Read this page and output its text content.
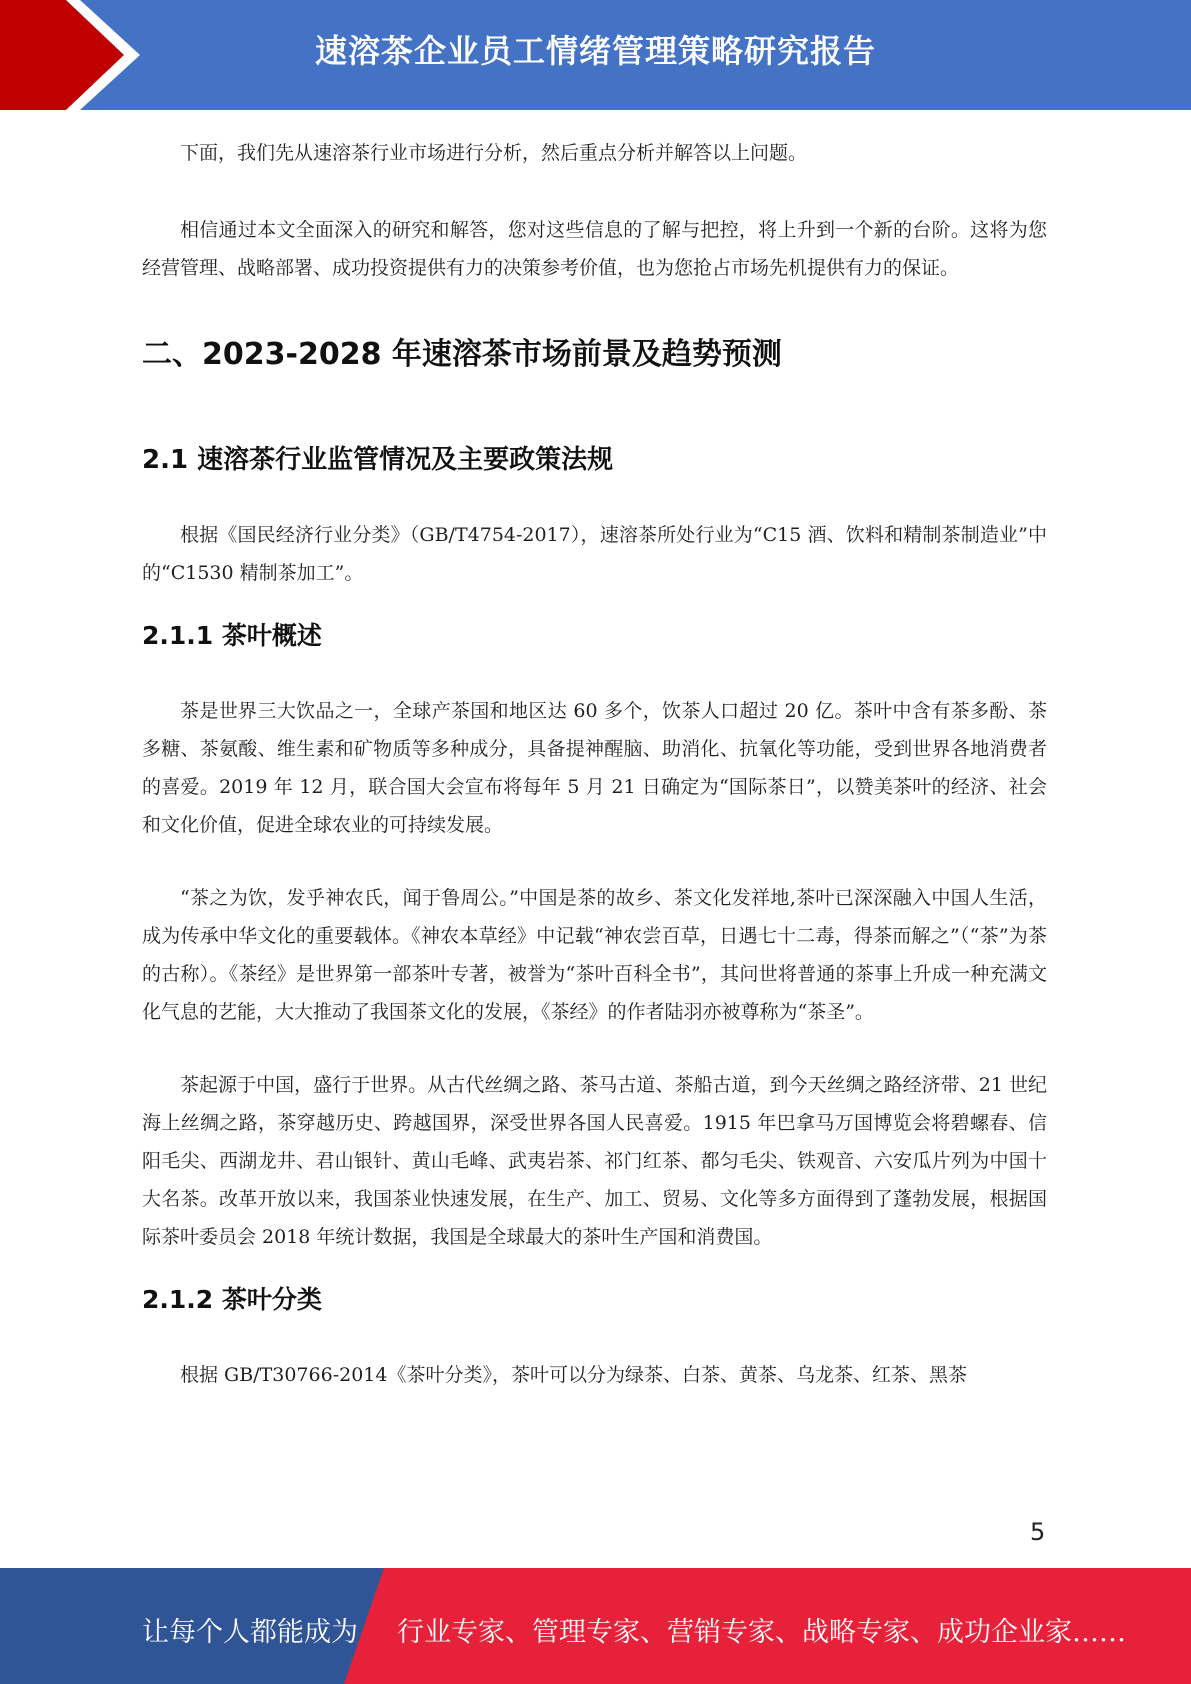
速溶茶企业员工情绪管理策略研究报告

下面，我们先从速溶茶行业市场进行分析，然后重点分析并解答以上问题。

相信通过本文全面深入的研究和解答，您对这些信息的了解与把控，将上升到一个新的台阶。这将为您经营管理、战略部署、成功投资提供有力的决策参考价值，也为您抢占市场先机提供有力的保证。

二、2023-2028 年速溶茶市场前景及趋势预测
2.1 速溶茶行业监管情况及主要政策法规

根据《国民经济行业分类》（GB/T4754-2017），速溶茶所处行业为“C15 酒、饮料和精制茶制造业”中的“C1530 精制茶加工”。

2.1.1 茶叶概述

茶是世界三大饮品之一，全球产茶国和地区达 60 多个，饮茶人口超过 20 亿。茶叶中含有茶多酚、茶多糖、茶氨酸、维生素和矿物质等多种成分，具备提神醒脑、助消化、抗氧化等功能，受到世界各地消费者的喜爱。2019 年 12 月，联合国大会宣布将每年 5 月 21 日确定为“国际茶日”，以赞美茶叶的经济、社会和文化价值，促进全球农业的可持续发展。

“茶之为饮，发乎神农氏，闻于鲁周公。”中国是茶的故乡、茶文化发祥地,茶叶已深深融入中国人生活，成为传承中华文化的重要载体。《神农本草经》中记载“神农尝百草，日遇七十二毒，得茶而解之”（“茶”为茶的古称）。《茶经》是世界第一部茶叶专著，被誉为“茶叶百科全书”，其问世将普通的茶事上升成一种充满文化气息的艺能，大大推动了我国茶文化的发展，《茶经》的作者陆羽亦被尊称为“茶圣”。

茶起源于中国，盛行于世界。从古代丝绸之路、茶马古道、茶船古道，到今天丝绸之路经济带、21 世纪海上丝绸之路，茶穿越历史、跨越国界，深受世界各国人民喜爱。1915 年巴拿马万国博览会将碧螺春、信阳毛尖、西湖龙井、君山银针、黄山毛峰、武夷岩茶、祁门红茶、都匀毛尖、铁观音、六安瓜片列为中国十大名茶。改革开放以来，我国茶业快速发展，在生产、加工、贸易、文化等多方面得到了蓬勃发展，根据国际茶叶委员会 2018 年统计数据，我国是全球最大的茶叶生产国和消费国。

2.1.2 茶叶分类

根据 GB/T30766-2014《茶叶分类》，茶叶可以分为绿茶、白茶、黄茶、乌龙茶、红茶、黑茶

5
让每个人都能成为 行业专家、管理专家、营销专家、战略专家、成功企业家……
